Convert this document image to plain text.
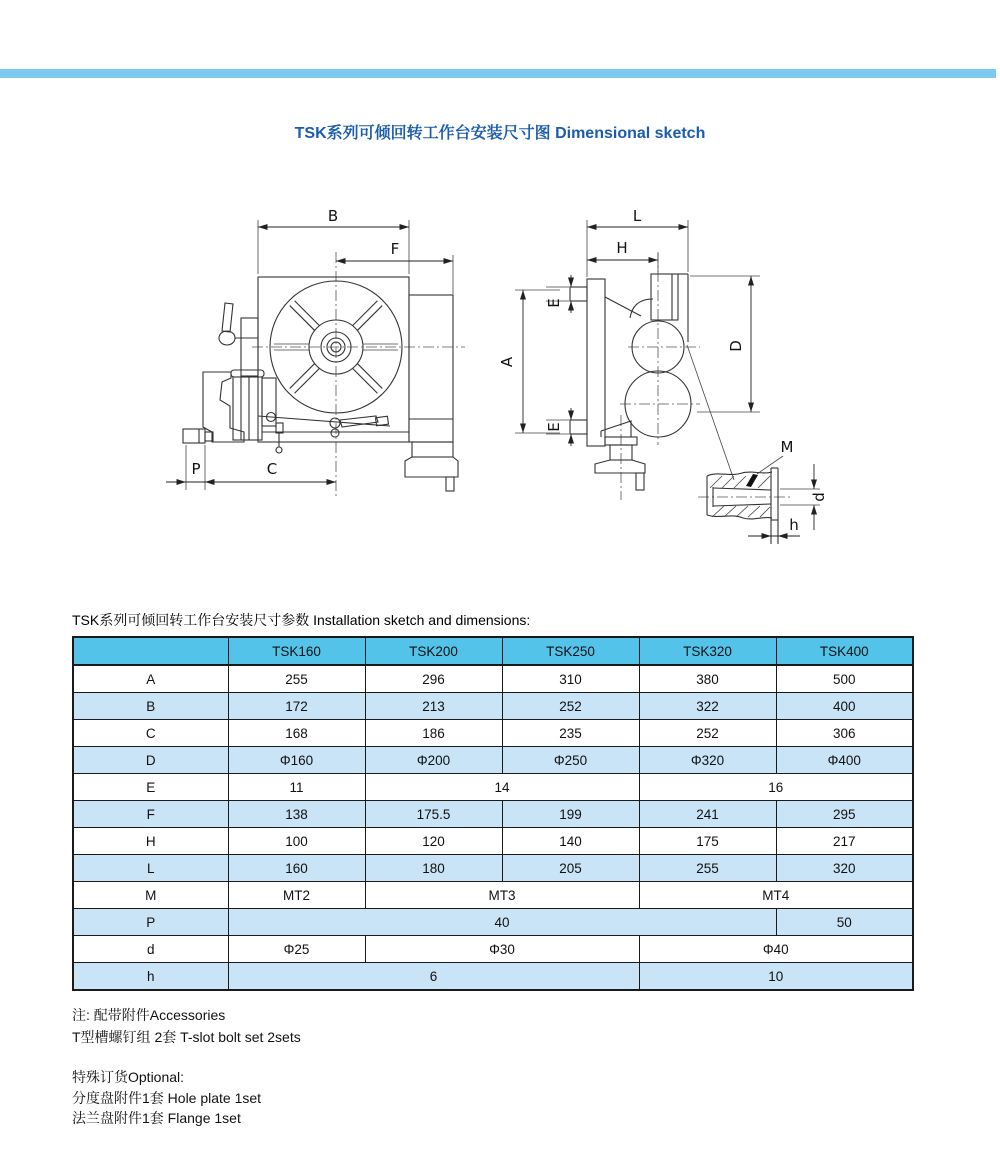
TSK系列可倾回转工作台安装尺寸图 Dimensional sketch
B
F
P	C
L
H
E
A
E
D
M
d
h
TSK系列可倾回转工作台安装尺寸参数 Installation sketch and dimensions:
	TSK160	TSK200	TSK250	TSK320	TSK400
A	255	296	310	380	500
B	172	213	252	322	400
C	168	186	235	252	306
D	Φ160	Φ200	Φ250	Φ320	Φ400
E	11	14		16	
F	138	175.5	199	241	295
H	100	120	140	175	217
L	160	180	205	255	320
M	MT2	MT3		MT4	
P	40				50
d	Φ25	Φ30		Φ40	
h	6			10	
注: 配带附件Accessories
T型槽螺钉组 2套 T-slot bolt set 2sets
特殊订货Optional:
分度盘附件1套 Hole plate 1set
法兰盘附件1套 Flange 1set
